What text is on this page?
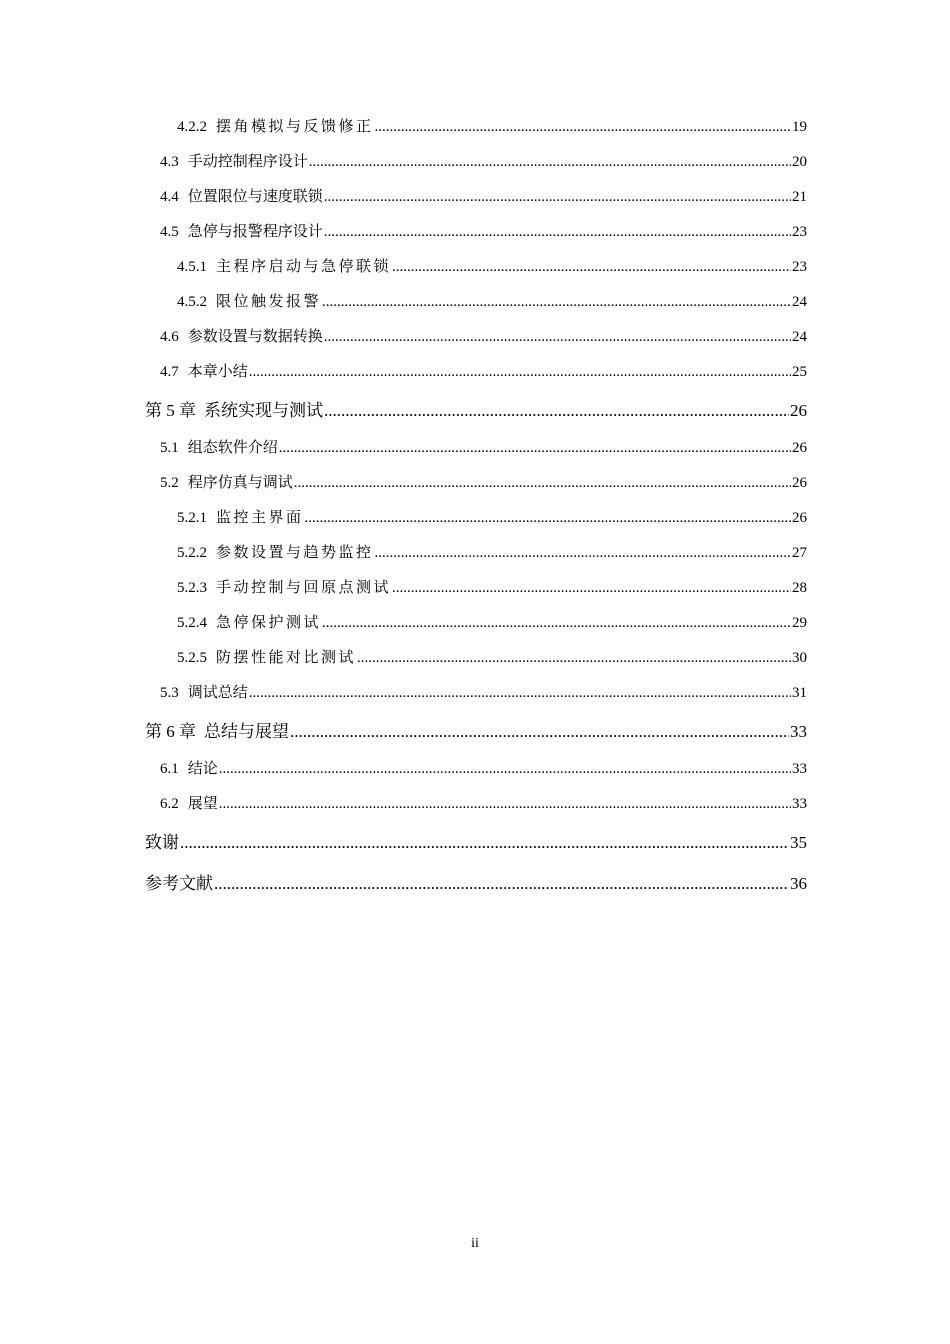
4.2.2 摆角模拟与反馈修正 .....	19
4.3 手动控制程序设计 .....	20
4.4 位置限位与速度联锁 .....	21
4.5 急停与报警程序设计 .....	23
4.5.1 主程序启动与急停联锁 .....	23
4.5.2 限位触发报警 .....	24
4.6 参数设置与数据转换 .....	24
4.7 本章小结 .....	25
第 5 章 系统实现与测试 .....	26
5.1 组态软件介绍 .....	26
5.2 程序仿真与调试 .....	26
5.2.1 监控主界面 .....	26
5.2.2 参数设置与趋势监控 .....	27
5.2.3 手动控制与回原点测试 .....	28
5.2.4 急停保护测试 .....	29
5.2.5 防摆性能对比测试 .....	30
5.3 调试总结 .....	31
第 6 章 总结与展望 .....	33
6.1 结论 .....	33
6.2 展望 .....	33
致谢 .....	35
参考文献 .....	36
ii
